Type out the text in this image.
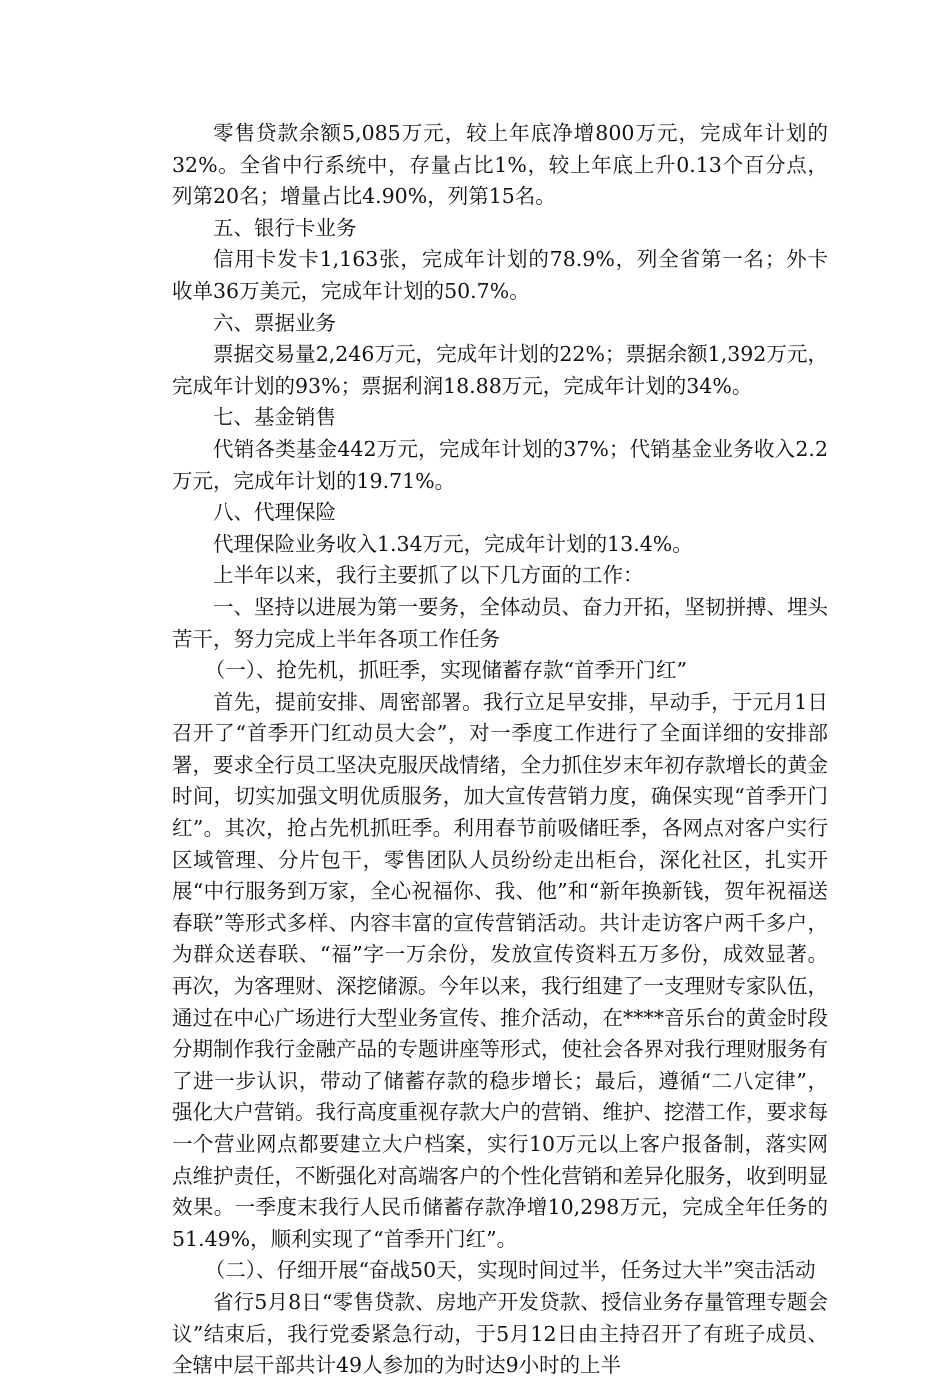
零售贷款余额5,085万元，较上年底净增800万元，完成年计划的32%。全省中行系统中，存量占比1%，较上年底上升0.13个百分点，列第20名；增量占比4.90%，列第15名。

五、银行卡业务

信用卡发卡1,163张，完成年计划的78.9%，列全省第一名；外卡收单36万美元，完成年计划的50.7%。

六、票据业务

票据交易量2,246万元，完成年计划的22%；票据余额1,392万元，完成年计划的93%；票据利润18.88万元，完成年计划的34%。

七、基金销售

代销各类基金442万元，完成年计划的37%；代销基金业务收入2.2万元，完成年计划的19.71%。

八、代理保险

代理保险业务收入1.34万元，完成年计划的13.4%。

上半年以来，我行主要抓了以下几方面的工作：

一、坚持以进展为第一要务，全体动员、奋力开拓，坚韧拼搏、埋头苦干，努力完成上半年各项工作任务

（一）、抢先机，抓旺季，实现储蓄存款“首季开门红”

首先，提前安排、周密部署。我行立足早安排，早动手，于元月1日召开了“首季开门红动员大会”，对一季度工作进行了全面详细的安排部署，要求全行员工坚决克服厌战情绪，全力抓住岁末年初存款增长的黄金时间，切实加强文明优质服务，加大宣传营销力度，确保实现“首季开门红”。其次，抢占先机抓旺季。利用春节前吸储旺季，各网点对客户实行区域管理、分片包干，零售团队人员纷纷走出柜台，深化社区，扎实开展“中行服务到万家，全心祝福你、我、他”和“新年换新钱，贺年祝福送春联”等形式多样、内容丰富的宣传营销活动。共计走访客户两千多户，为群众送春联、“福”字一万余份，发放宣传资料五万多份，成效显著。再次，为客理财、深挖储源。今年以来，我行组建了一支理财专家队伍，通过在中心广场进行大型业务宣传、推介活动，在****音乐台的黄金时段分期制作我行金融产品的专题讲座等形式，使社会各界对我行理财服务有了进一步认识，带动了储蓄存款的稳步增长；最后，遵循“二八定律”，强化大户营销。我行高度重视存款大户的营销、维护、挖潜工作，要求每一个营业网点都要建立大户档案，实行10万元以上客户报备制，落实网点维护责任，不断强化对高端客户的个性化营销和差异化服务，收到明显效果。一季度末我行人民币储蓄存款净增10,298万元，完成全年任务的51.49%，顺利实现了“首季开门红”。

（二）、仔细开展“奋战50天，实现时间过半，任务过大半”突击活动

省行5月8日“零售贷款、房地产开发贷款、授信业务存量管理专题会议”结束后，我行党委紧急行动，于5月12日由主持召开了有班子成员、全辖中层干部共计49人参加的为时达9小时的上半
